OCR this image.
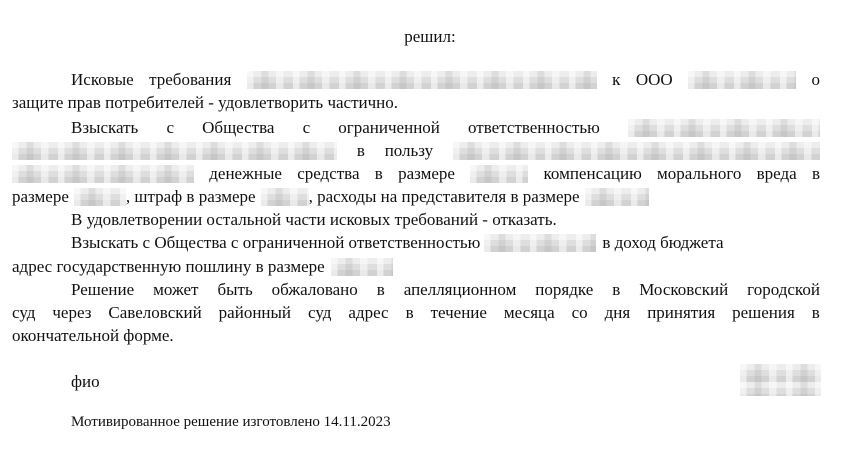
решил:
Исковые требования	к ООО	о
защите прав потребителей - удовлетворить частично.
Взыскать с Общества с ограниченной ответственностью
в пользу
денежные средства в размере	компенсацию морального вреда в
размере	, штраф в размере	, расходы на представителя в размере
В удовлетворении остальной части исковых требований - отказать.
Взыскать с Общества с ограниченной ответственностью	в доход бюджета
адрес государственную пошлину в размере
Решение может быть обжаловано в апелляционном порядке в Московский городской
суд через Савеловский районный суд адрес в течение месяца со дня принятия решения в
окончательной форме.
фио
Мотивированное решение изготовлено 14.11.2023
